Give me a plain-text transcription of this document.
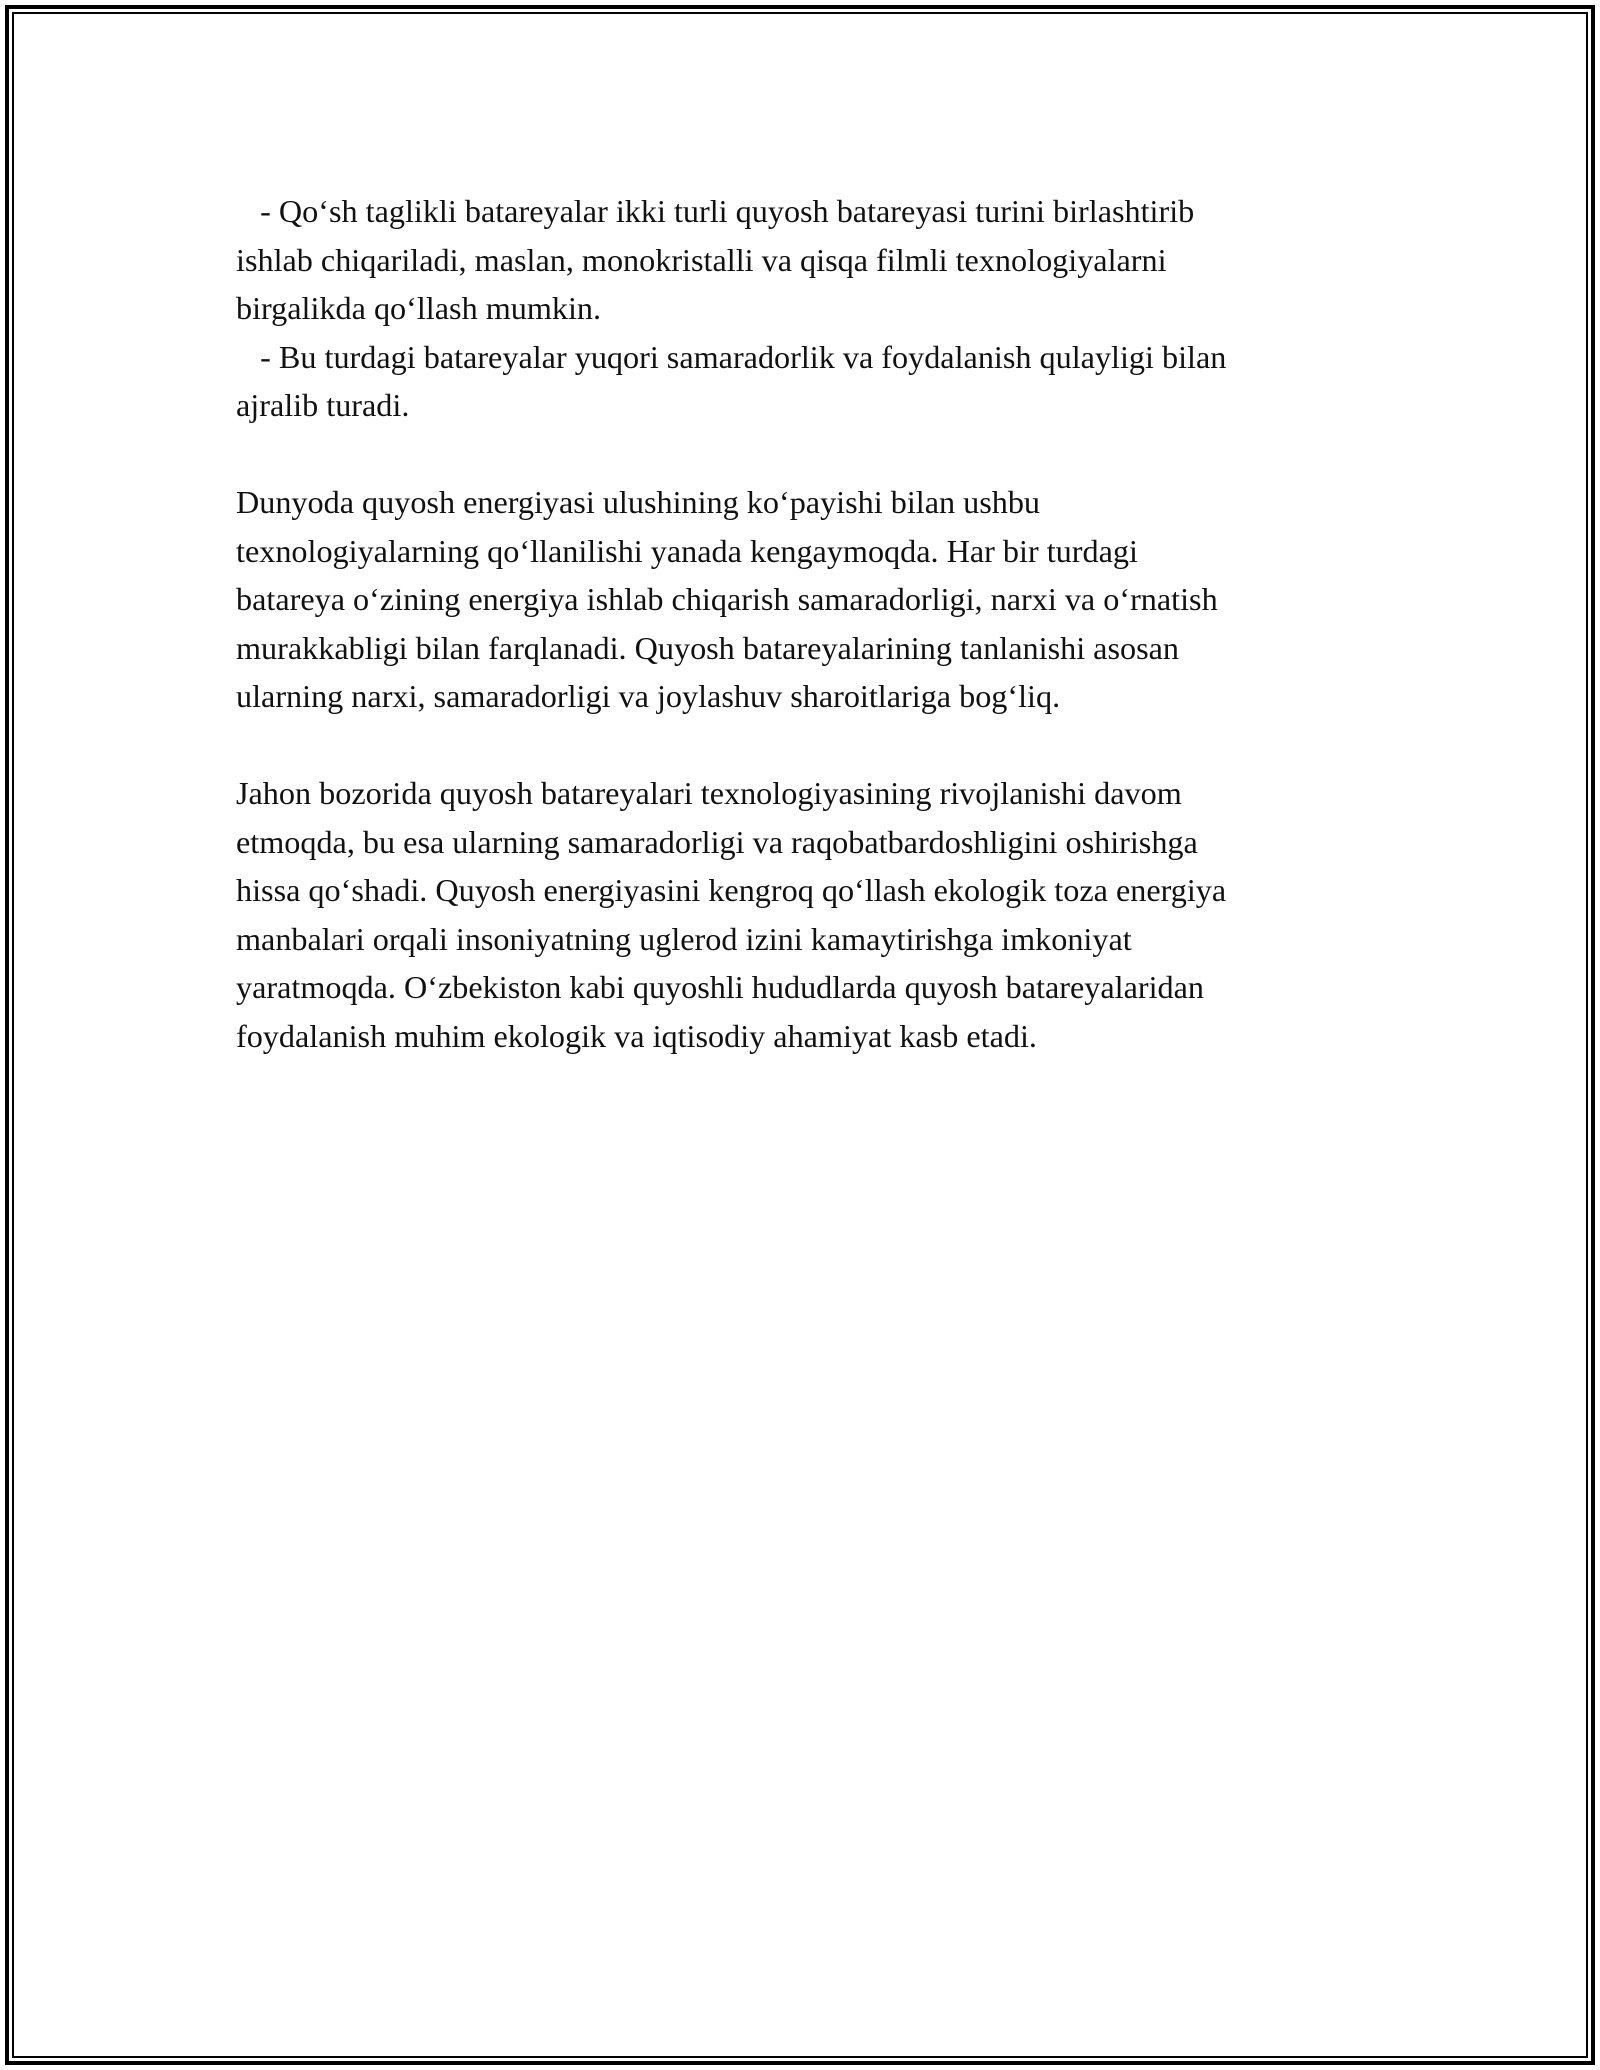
- Qo‘sh taglikli batareyalar ikki turli quyosh batareyasi turini birlashtirib
ishlab chiqariladi, maslan, monokristalli va qisqa filmli texnologiyalarni
birgalikda qo‘llash mumkin.
- Bu turdagi batareyalar yuqori samaradorlik va foydalanish qulayligi bilan
ajralib turadi.
Dunyoda quyosh energiyasi ulushining ko‘payishi bilan ushbu
texnologiyalarning qo‘llanilishi yanada kengaymoqda. Har bir turdagi
batareya o‘zining energiya ishlab chiqarish samaradorligi, narxi va o‘rnatish
murakkabligi bilan farqlanadi. Quyosh batareyalarining tanlanishi asosan
ularning narxi, samaradorligi va joylashuv sharoitlariga bog‘liq.
Jahon bozorida quyosh batareyalari texnologiyasining rivojlanishi davom
etmoqda, bu esa ularning samaradorligi va raqobatbardoshligini oshirishga
hissa qo‘shadi. Quyosh energiyasini kengroq qo‘llash ekologik toza energiya
manbalari orqali insoniyatning uglerod izini kamaytirishga imkoniyat
yaratmoqda. O‘zbekiston kabi quyoshli hududlarda quyosh batareyalaridan
foydalanish muhim ekologik va iqtisodiy ahamiyat kasb etadi.
